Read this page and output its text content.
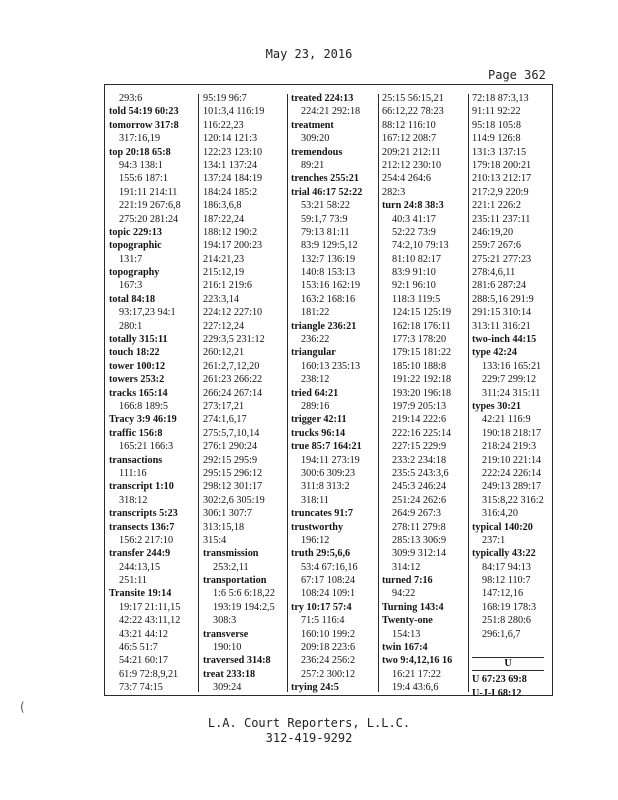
May 23, 2016
Page 362
293:6
told 54:19 60:23
tomorrow 317:8
317:16,19
top 20:18 65:8
94:3 138:1
155:6 187:1
191:11 214:11
221:19 267:6,8
275:20 281:24
topic 229:13
topographic
131:7
topography
167:3
total 84:18
93:17,23 94:1
280:1
totally 315:11
touch 18:22
tower 100:12
towers 253:2
tracks 165:14
166:8 189:5
Tracy 3:9 46:19
traffic 156:8
165:21 166:3
transactions
111:16
transcript 1:10
318:12
transcripts 5:23
transects 136:7
156:2 217:10
transfer 244:9
244:13,15
251:11
Transite 19:14
19:17 21:11,15
42:22 43:11,12
43:21 44:12
46:5 51:7
54:21 60:17
61:9 72:8,9,21
73:7 74:15
95:19 96:7
101:3,4 116:19
116:22,23
120:14 121:3
122:23 123:10
134:1 137:24
137:24 184:19
184:24 185:2
186:3,6,8
187:22,24
188:12 190:2
194:17 200:23
214:21,23
215:12,19
216:1 219:6
223:3,14
224:12 227:10
227:12,24
229:3,5 231:12
260:12,21
261:2,7,12,20
261:23 266:22
266:24 267:14
273:17,21
274:1,6,17
275:5,7,10,14
276:1 290:24
292:15 295:9
295:15 296:12
298:12 301:17
302:2,6 305:19
306:1 307:7
313:15,18
315:4
transmission
253:2,11
transportation
1:6 5:6 6:18,22
193:19 194:2,5
308:3
transverse
190:10
traversed 314:8
treat 233:18
309:24
treated 224:13
224:21 292:18
treatment
309:20
tremendous
89:21
trenches 255:21
trial 46:17 52:22
53:21 58:22
59:1,7 73:9
79:13 81:11
83:9 129:5,12
132:7 136:19
140:8 153:13
153:16 162:19
163:2 168:16
181:22
triangle 236:21
236:22
triangular
160:13 235:13
238:12
tried 64:21
289:16
trigger 42:11
trucks 96:14
true 85:7 164:21
194:11 273:19
300:6 309:23
311:8 313:2
318:11
truncates 91:7
trustworthy
196:12
truth 29:5,6,6
53:4 67:16,16
67:17 108:24
108:24 109:1
try 10:17 57:4
71:5 116:4
160:10 199:2
209:18 223:6
236:24 256:2
257:2 300:12
trying 24:5
25:15 56:15,21
66:12,22 78:23
88:12 116:10
167:12 208:7
209:21 212:11
212:12 230:10
254:4 264:6
282:3
turn 24:8 38:3
40:3 41:17
52:22 73:9
74:2,10 79:13
81:10 82:17
83:9 91:10
92:1 96:10
118:3 119:5
124:15 125:19
162:18 176:11
177:3 178:20
179:15 181:22
185:10 188:8
191:22 192:18
193:20 196:18
197:9 205:13
219:14 222:6
222:16 225:14
227:15 229:9
233:2 234:18
235:5 243:3,6
245:3 246:24
251:24 262:6
264:9 267:3
278:11 279:8
285:13 306:9
309:9 312:14
314:12
turned 7:16
94:22
Turning 143:4
Twenty-one
154:13
twin 167:4
two 9:4,12,16 16
16:21 17:22
19:4 43:6,6
72:18 87:3,13
91:11 92:22
95:18 105:8
114:9 126:8
131:3 137:15
179:18 200:21
210:13 212:17
217:2,9 220:9
221:1 226:2
235:11 237:11
246:19,20
259:7 267:6
275:21 277:23
278:4,6,11
281:6 287:24
288:5,16 291:9
291:15 310:14
313:11 316:21
two-inch 44:15
type 42:24
133:16 165:21
229:7 299:12
311:24 315:11
types 30:21
42:21 116:9
190:18 218:17
218:24 219:3
219:10 221:14
222:24 226:14
249:13 289:17
315:8,22 316:2
316:4,20
typical 140:20
237:1
typically 43:22
84:17 94:13
98:12 110:7
147:12,16
168:19 178:3
251:8 280:6
296:1,6,7
U
U 67:23 69:8
U-J-I 68:12
L.A. Court Reporters, L.L.C.
312-419-9292
(
